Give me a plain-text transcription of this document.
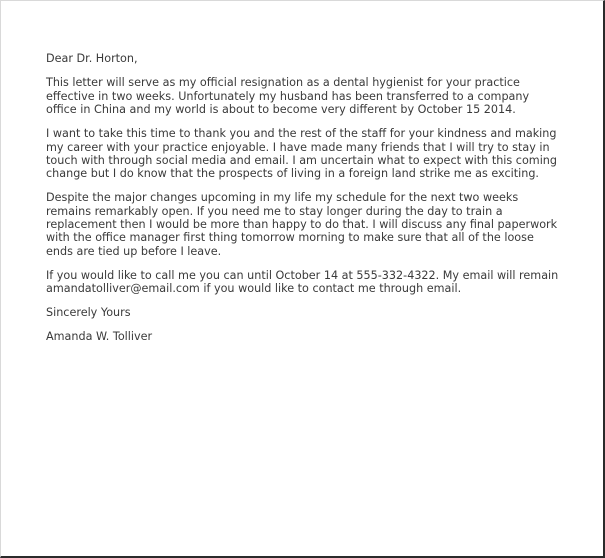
Dear Dr. Horton,

This letter will serve as my official resignation as a dental hygienist for your practice effective in two weeks. Unfortunately my husband has been transferred to a company office in China and my world is about to become very different by October 15 2014.

I want to take this time to thank you and the rest of the staff for your kindness and making my career with your practice enjoyable. I have made many friends that I will try to stay in touch with through social media and email. I am uncertain what to expect with this coming change but I do know that the prospects of living in a foreign land strike me as exciting.

Despite the major changes upcoming in my life my schedule for the next two weeks remains remarkably open. If you need me to stay longer during the day to train a replacement then I would be more than happy to do that. I will discuss any final paperwork with the office manager first thing tomorrow morning to make sure that all of the loose ends are tied up before I leave.

If you would like to call me you can until October 14 at 555-332-4322. My email will remain amandatolliver@email.com if you would like to contact me through email.

Sincerely Yours

Amanda W. Tolliver
